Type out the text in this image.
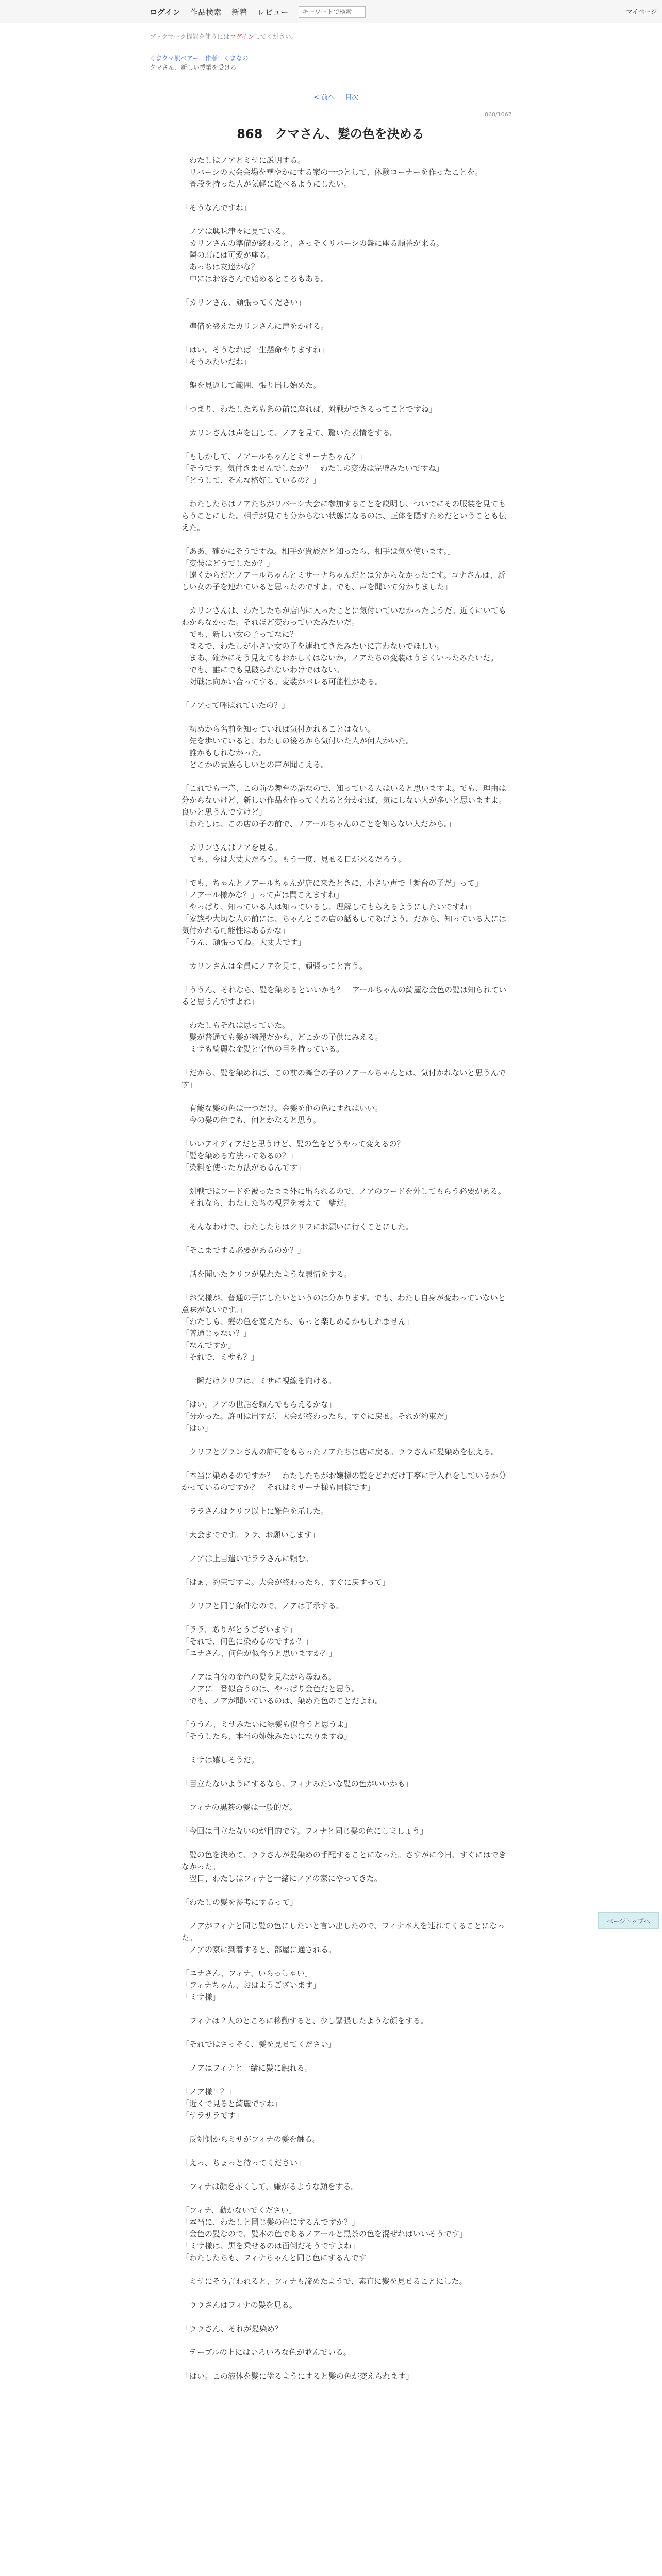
ログイン 作品検索 新着 レビュー
キーワードで検索	マイページ
ブックマーク機能を使うにはログインしてください。
くまクマ熊ベアー　作者：くまなの
クマさん、新しい授業を受ける
< 前へ 目次
868/1067
868　 クマさん、髪の色を決める

　わたしはノアとミサに説明する。
　リバーシの大会会場を華やかにする案の一つとして、体験コーナーを作ったことを。
　普段を持った人が気軽に遊べるようにしたい。

「そうなんですね」

　ノアは興味津々に見ている。
　カリンさんの準備が終わると、さっそくリバーシの盤に座る順番が来る。
　隣の席には可愛が座る。
　あっちは友達かな？
　中にはお客さんで始めるところもある。

「カリンさん、頑張ってください」

　準備を終えたカリンさんに声をかける。

「はい。そうなれば一生懸命やりますね」
「そうみたいだね」

　盤を見返して範囲、張り出し始めた。

「つまり、わたしたちもあの前に座れば、対戦ができるってことですね」

　カリンさんは声を出して、ノアを見て、驚いた表情をする。

「もしかして、ノアールちゃんとミサーナちゃん？」
「そうです。気付きませんでしたか？　わたしの変装は完璧みたいですね」
「どうして、そんな格好しているの？」

　わたしたちはノアたちがリバーシ大会に参加することを説明し、ついでにその服装を見てもらうことにした。相手が見ても分からない状態になるのは、正体を隠すためだということも伝えた。

「ああ、確かにそうですね。相手が貴族だと知ったら、相手は気を使います。」
「変装はどうでしたか？」
「遠くからだとノアールちゃんとミサーナちゃんだとは分からなかったです。コナさんは、新しい女の子を連れていると思ったのですよ。でも、声を聞いて分かりました」

　カリンさんは、わたしたちが店内に入ったことに気付いていなかったようだ。近くにいてもわからなかった。それほど変わっていたみたいだ。
　でも、新しい女の子ってなに？
　まるで、わたしが小さい女の子を連れてきたみたいに言わないでほしい。
　まあ、確かにそう見えてもおかしくはないか。ノアたちの変装はうまくいったみたいだ。
　でも、誰にでも見破られないわけではない。
　対戦は向かい合ってする。変装がバレる可能性がある。

「ノアって呼ばれていたの？」

　初めから名前を知っていれば気付かれることはない。
　先を歩いていると、わたしの後ろから気付いた人が何人かいた。
　誰かもしれなかった。
　どこかの貴族らしいとの声が聞こえる。

「これでも一応、この前の舞台の話なので、知っている人はいると思いますよ。でも、理由は分からないけど、新しい作品を作ってくれると分かれば、気にしない人が多いと思いますよ。良いと思うんですけど」
「わたしは、この店の子の前で、ノアールちゃんのことを知らない人だから。」

　カリンさんはノアを見る。
　でも、今は大丈夫だろう。もう一度、見せる日が来るだろう。

「でも、ちゃんとノアールちゃんが店に来たときに、小さい声で「舞台の子だ」って」
「ノアール様かな？」って声は聞こえますね」
「やっぱり、知っている人は知っているし、理解してもらえるようにしたいですね」
「家族や大切な人の前には、ちゃんとこの店の話もしてあげよう。だから、知っている人には気付かれる可能性はあるかな」
「うん、頑張ってね。大丈夫です」

　カリンさんは全員にノアを見て、頑張ってと言う。

「ううん、それなら、髪を染めるといいかも？　アールちゃんの綺麗な金色の髪は知られていると思うんですよね」

　わたしもそれは思っていた。
　髪が普通でも髪が綺麗だから、どこかの子供にみえる。
　ミサも綺麗な金髪と空色の目を持っている。

「だから、髪を染めれば、この前の舞台の子のノアールちゃんとは、気付かれないと思うんです」

　有能な髪の色は一つだけ。金髪を他の色にすればいい。
　今の髪の色でも、何とかなると思う。

「いいアイディアだと思うけど、髪の色をどうやって変えるの？」
「髪を染める方法ってあるの？」
「染料を使った方法があるんです」

　対戦ではフードを被ったまま外に出られるので、ノアのフードを外してもらう必要がある。
　それなら、わたしたちの視界を考えて一緒だ。

　そんなわけで、わたしたちはクリフにお願いに行くことにした。

「そこまでする必要があるのか？」

　話を聞いたクリフが呆れたような表情をする。

「お父様が、普通の子にしたいというのは分かります。でも、わたし自身が変わっていないと意味がないです。」
「わたしも、髪の色を変えたら、もっと楽しめるかもしれません」
「普通じゃない？」
「なんですか」
「それで、ミサも？」

　一瞬だけクリフは、ミサに視線を向ける。

「はい。ノアの世話を頼んでもらえるかな」
「分かった。許可は出すが、大会が終わったら、すぐに戻せ。それが約束だ」
「はい」

　クリフとグランさんの許可をもらったノアたちは店に戻る。ララさんに髪染めを伝える。

「本当に染めるのですか？　わたしたちがお嬢様の髪をどれだけ丁寧に手入れをしているか分かっているのですか？　それはミサーナ様も同様です」

　ララさんはクリフ以上に難色を示した。

「大会までです。ララ、お願いします」

　ノアは上目遣いでララさんに頼む。

「はぁ、約束ですよ。大会が終わったら、すぐに戻すって」

　クリフと同じ条件なので、ノアは了承する。

「ララ、ありがとうございます」
「それで、何色に染めるのですか？」
「ユナさん、何色が似合うと思いますか？」

　ノアは自分の金色の髪を見ながら尋ねる。
　ノアに一番似合うのは、やっぱり金色だと思う。
　でも、ノアが聞いているのは、染めた色のことだよね。

「ううん、ミサみたいに緑髪も似合うと思うよ」
「そうしたら、本当の姉妹みたいになりますね」

　ミサは嬉しそうだ。

「目立たないようにするなら、フィナみたいな髪の色がいいかも」

　フィナの黒茶の髪は一般的だ。

「今回は目立たないのが目的です。フィナと同じ髪の色にしましょう」

　髪の色を決めて、ララさんが髪染めの手配することになった。さすがに今日、すぐにはできなかった。
　翌日、わたしはフィナと一緒にノアの家にやってきた。

「わたしの髪を参考にするって」

　ノアがフィナと同じ髪の色にしたいと言い出したので、フィナ本人を連れてくることになった。
　ノアの家に到着すると、部屋に通される。

「ユナさん、フィナ、いらっしゃい」
「フィナちゃん、おはようございます」
「ミサ様」

　フィナは２人のところに移動すると、少し緊張したような顔をする。

「それではさっそく、髪を見せてください」

　ノアはフィナと一緒に髪に触れる。

「ノア様！？」
「近くで見ると綺麗ですね」
「サラサラです」

　反対側からミサがフィナの髪を触る。

「えっ、ちょっと待ってください」

　フィナは顔を赤くして、嫌がるような顔をする。

「フィナ、動かないでください」
「本当に、わたしと同じ髪の色にするんですか？」
「金色の髪なので、髪本の色であるノアールと黒茶の色を混ぜればいいそうです」
「ミサ様は、黒を乗せるのは面倒だそうですよね」
「わたしたちも、フィナちゃんと同じ色にするんです」

　ミサにそう言われると、フィナも諦めたようで、素直に髪を見せることにした。

　ララさんはフィナの髪を見る。

「ララさん、それが髪染め？」

　テーブルの上にはいろいろな色が並んでいる。

「はい。この液体を髪に塗るようにすると髪の色が変えられます」

ページトップへ
